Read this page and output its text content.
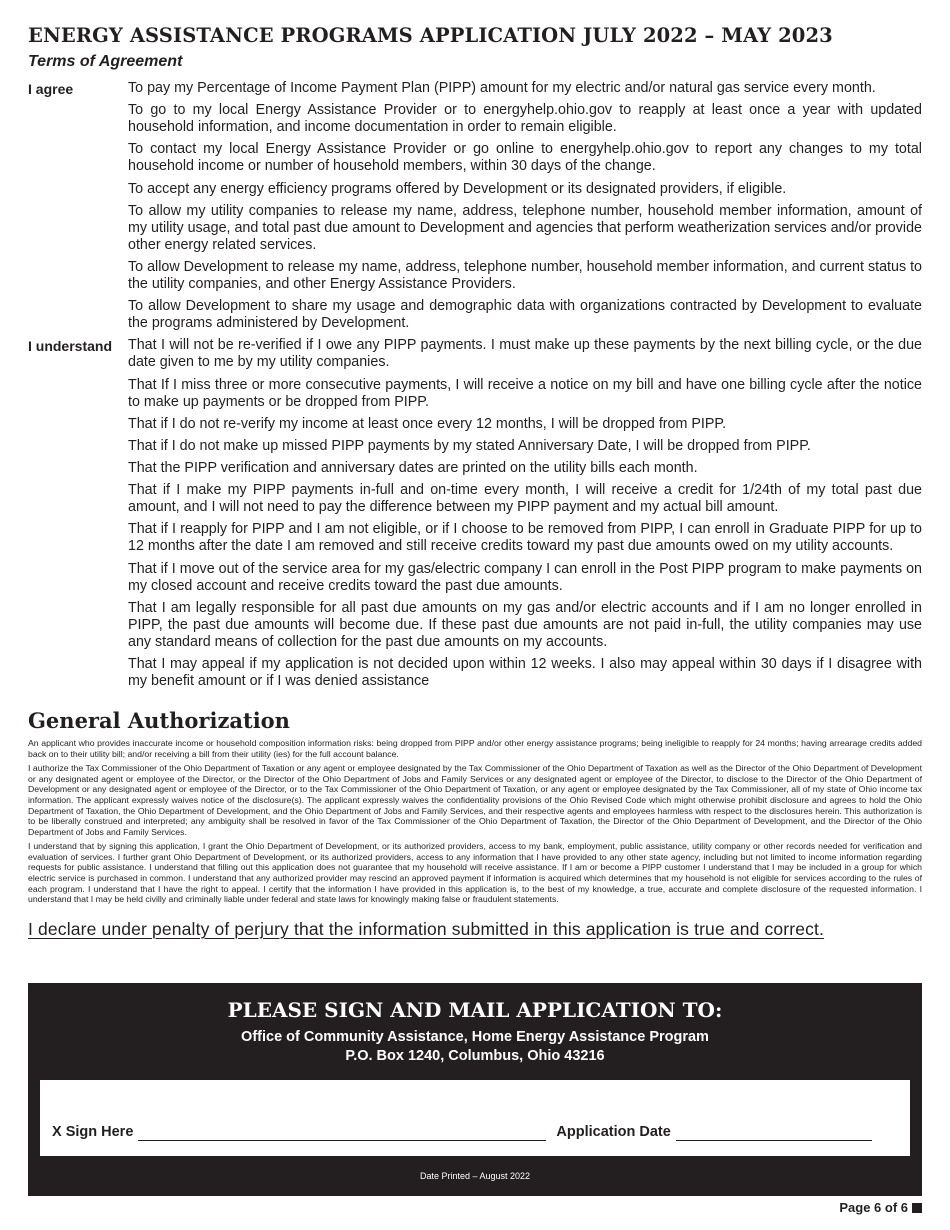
ENERGY ASSISTANCE PROGRAMS APPLICATION JULY 2022 – MAY 2023
Terms of Agreement
I agree	To pay my Percentage of Income Payment Plan (PIPP) amount for my electric and/or natural gas service every month.

To go to my local Energy Assistance Provider or to energyhelp.ohio.gov to reapply at least once a year with updated household information, and income documentation in order to remain eligible.

To contact my local Energy Assistance Provider or go online to energyhelp.ohio.gov to report any changes to my total household income or number of household members, within 30 days of the change.

To accept any energy efficiency programs offered by Development or its designated providers, if eligible.

To allow my utility companies to release my name, address, telephone number, household member information, amount of my utility usage, and total past due amount to Development and agencies that perform weatherization services and/or provide other energy related services.

To allow Development to release my name, address, telephone number, household member information, and current status to the utility companies, and other Energy Assistance Providers.

To allow Development to share my usage and demographic data with organizations contracted by Development to evaluate the programs administered by Development.

I understand	That I will not be re-verified if I owe any PIPP payments. I must make up these payments by the next billing cycle, or the due date given to me by my utility companies.

That If I miss three or more consecutive payments, I will receive a notice on my bill and have one billing cycle after the notice to make up payments or be dropped from PIPP.

That if I do not re-verify my income at least once every 12 months, I will be dropped from PIPP.

That if I do not make up missed PIPP payments by my stated Anniversary Date, I will be dropped from PIPP.

That the PIPP verification and anniversary dates are printed on the utility bills each month.

That if I make my PIPP payments in-full and on-time every month, I will receive a credit for 1/24th of my total past due amount, and I will not need to pay the difference between my PIPP payment and my actual bill amount.

That if I reapply for PIPP and I am not eligible, or if I choose to be removed from PIPP, I can enroll in Graduate PIPP for up to 12 months after the date I am removed and still receive credits toward my past due amounts owed on my utility accounts.

That if I move out of the service area for my gas/electric company I can enroll in the Post PIPP program to make payments on my closed account and receive credits toward the past due amounts.

That I am legally responsible for all past due amounts on my gas and/or electric accounts and if I am no longer enrolled in PIPP, the past due amounts will become due. If these past due amounts are not paid in-full, the utility companies may use any standard means of collection for the past due amounts on my accounts.

That I may appeal if my application is not decided upon within 12 weeks. I also may appeal within 30 days if I disagree with my benefit amount or if I was denied assistance

General Authorization

An applicant who provides inaccurate income or household composition information risks: being dropped from PIPP and/or other energy assistance programs; being ineligible to reapply for 24 months; having arrearage credits added back on to their utility bill; and/or receiving a bill from their utility (ies) for the full account balance.

I authorize the Tax Commissioner of the Ohio Department of Taxation or any agent or employee designated by the Tax Commissioner of the Ohio Department of Taxation as well as the Director of the Ohio Department of Development or any designated agent or employee of the Director, or the Director of the Ohio Department of Jobs and Family Services or any designated agent or employee of the Director, to disclose to the Director of the Ohio Department of Development or any designated agent or employee of the Director, or to the Tax Commissioner of the Ohio Department of Taxation, or any agent or employee designated by the Tax Commissioner, all of my state of Ohio income tax information. The applicant expressly waives notice of the disclosure(s). The applicant expressly waives the confidentiality provisions of the Ohio Revised Code which might otherwise prohibit disclosure and agrees to hold the Ohio Department of Taxation, the Ohio Department of Development, and the Ohio Department of Jobs and Family Services, and their respective agents and employees harmless with respect to the disclosures herein. This authorization is to be liberally construed and interpreted; any ambiguity shall be resolved in favor of the Tax Commissioner of the Ohio Department of Taxation, the Director of the Ohio Department of Development, and the Director of the Ohio Department of Jobs and Family Services.

I understand that by signing this application, I grant the Ohio Department of Development, or its authorized providers, access to my bank, employment, public assistance, utility company or other records needed for verification and evaluation of services. I further grant Ohio Department of Development, or its authorized providers, access to any information that I have provided to any other state agency, including but not limited to income information regarding requests for public assistance. I understand that filling out this application does not guarantee that my household will receive assistance. If I am or become a PIPP customer I understand that I may be included in a group for which electric service is purchased in common. I understand that any authorized provider may rescind an approved payment if information is acquired which determines that my household is not eligible for services according to the rules of each program. I understand that I have the right to appeal. I certify that the information I have provided in this application is, to the best of my knowledge, a true, accurate and complete disclosure of the requested information. I understand that I may be held civilly and criminally liable under federal and state laws for knowingly making false or fraudulent statements.

I declare under penalty of perjury that the information submitted in this application is true and correct.
PLEASE SIGN AND MAIL APPLICATION TO:
Office of Community Assistance, Home Energy Assistance Program
P.O. Box 1240, Columbus, Ohio 43216
X Sign Here	Application Date
Date Printed – August 2022
Page 6 of 6
